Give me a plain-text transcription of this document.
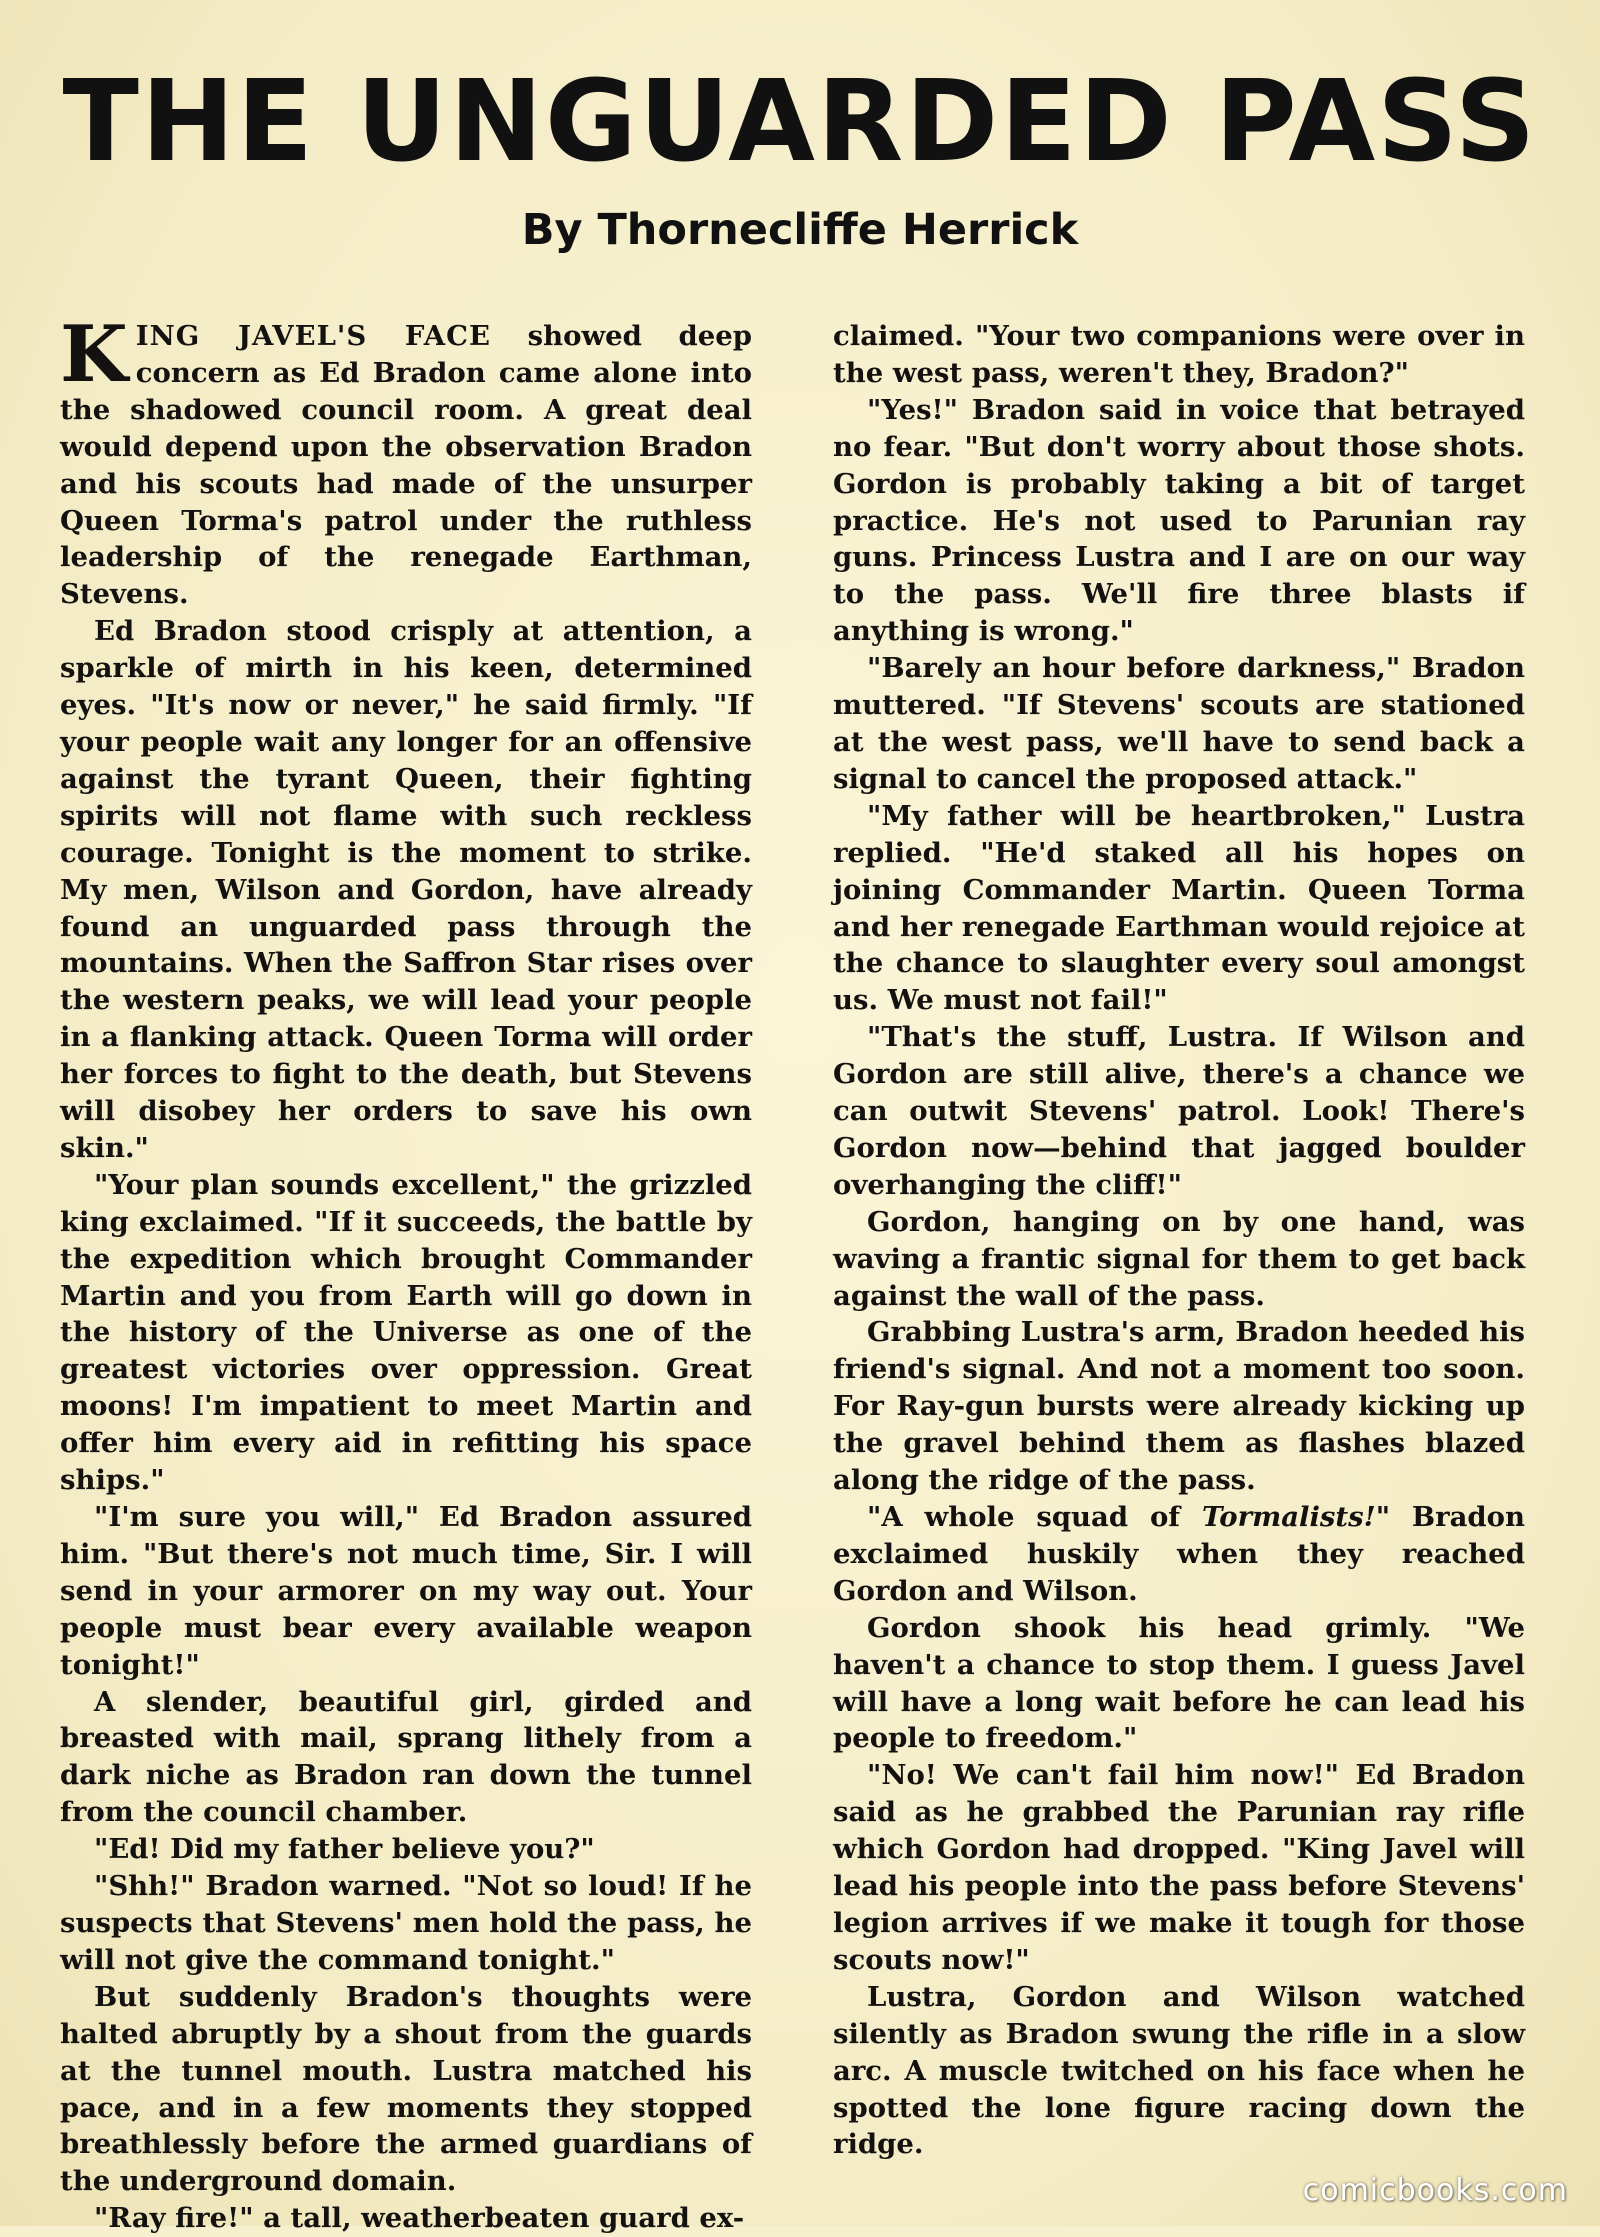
THE UNGUARDED PASS
By Thornecliffe Herrick

KING JAVEL'S FACE showed deep concern as Ed Bradon came alone into the shadowed council room. A great deal would depend upon the observation Bradon and his scouts had made of the unsurper Queen Torma's patrol under the ruthless leadership of the renegade Earthman, Stevens.

Ed Bradon stood crisply at attention, a sparkle of mirth in his keen, determined eyes. "It's now or never," he said firmly. "If your people wait any longer for an offensive against the tyrant Queen, their fighting spirits will not flame with such reckless courage. Tonight is the moment to strike. My men, Wilson and Gordon, have already found an unguarded pass through the mountains. When the Saffron Star rises over the western peaks, we will lead your people in a flanking attack. Queen Torma will order her forces to fight to the death, but Stevens will disobey her orders to save his own skin."

"Your plan sounds excellent," the grizzled king exclaimed. "If it succeeds, the battle by the expedition which brought Commander Martin and you from Earth will go down in the history of the Universe as one of the greatest victories over oppression. Great moons! I'm impatient to meet Martin and offer him every aid in refitting his space ships."

"I'm sure you will," Ed Bradon assured him. "But there's not much time, Sir. I will send in your armorer on my way out. Your people must bear every available weapon tonight!"

A slender, beautiful girl, girded and breasted with mail, sprang lithely from a dark niche as Bradon ran down the tunnel from the council chamber.

"Ed! Did my father believe you?"

"Shh!" Bradon warned. "Not so loud! If he suspects that Stevens' men hold the pass, he will not give the command tonight."

But suddenly Bradon's thoughts were halted abruptly by a shout from the guards at the tunnel mouth. Lustra matched his pace, and in a few moments they stopped breathlessly before the armed guardians of the underground domain.

"Ray fire!" a tall, weatherbeaten guard ex-

claimed. "Your two companions were over in the west pass, weren't they, Bradon?"

"Yes!" Bradon said in voice that betrayed no fear. "But don't worry about those shots. Gordon is probably taking a bit of target practice. He's not used to Parunian ray guns. Princess Lustra and I are on our way to the pass. We'll fire three blasts if anything is wrong."

"Barely an hour before darkness," Bradon muttered. "If Stevens' scouts are stationed at the west pass, we'll have to send back a signal to cancel the proposed attack."

"My father will be heartbroken," Lustra replied. "He'd staked all his hopes on joining Commander Martin. Queen Torma and her renegade Earthman would rejoice at the chance to slaughter every soul amongst us. We must not fail!"

"That's the stuff, Lustra. If Wilson and Gordon are still alive, there's a chance we can outwit Stevens' patrol. Look! There's Gordon now—behind that jagged boulder overhanging the cliff!"

Gordon, hanging on by one hand, was waving a frantic signal for them to get back against the wall of the pass.

Grabbing Lustra's arm, Bradon heeded his friend's signal. And not a moment too soon. For Ray-gun bursts were already kicking up the gravel behind them as flashes blazed along the ridge of the pass.

"A whole squad of Tormalists!" Bradon exclaimed huskily when they reached Gordon and Wilson.

Gordon shook his head grimly. "We haven't a chance to stop them. I guess Javel will have a long wait before he can lead his people to freedom."

"No! We can't fail him now!" Ed Bradon said as he grabbed the Parunian ray rifle which Gordon had dropped. "King Javel will lead his people into the pass before Stevens' legion arrives if we make it tough for those scouts now!"

Lustra, Gordon and Wilson watched silently as Bradon swung the rifle in a slow arc. A muscle twitched on his face when he spotted the lone figure racing down the ridge.

comicbooks.com
